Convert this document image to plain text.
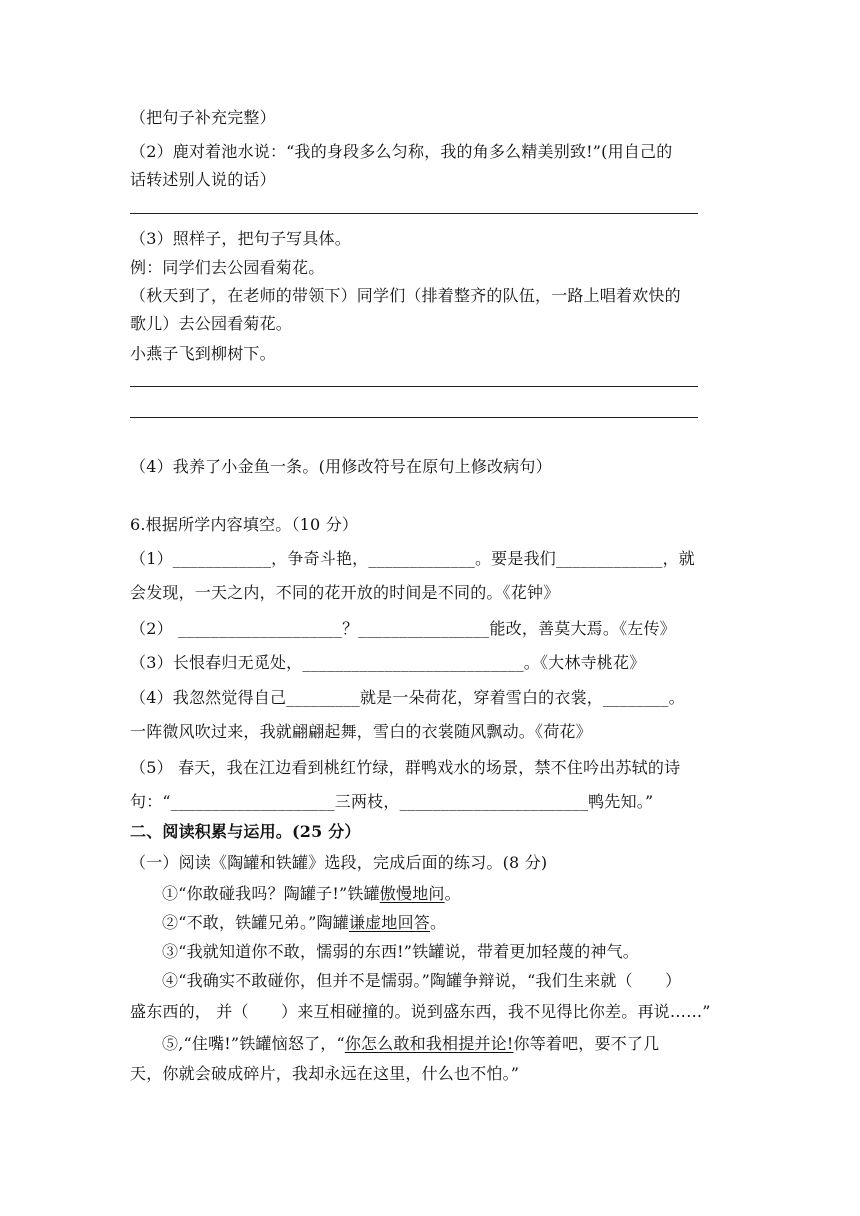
（把句子补充完整）
（2）鹿对着池水说：“我的身段多么匀称，我的角多么精美别致!”(用自己的
话转述别人说的话）
（3）照样子，把句子写具体。
例：同学们去公园看菊花。
（秋天到了，在老师的带领下）同学们（排着整齐的队伍，一路上唱着欢快的
歌儿）去公园看菊花。
小燕子飞到柳树下。
（4）我养了小金鱼一条。(用修改符号在原句上修改病句）
6.根据所学内容填空。（10 分）
（1）____________，争奇斗艳，_____________。要是我们_____________，就
会发现，一天之内，不同的花开放的时间是不同的。《花钟》
（2） ____________________？________________能改，善莫大焉。《左传》
（3）长恨春归无觅处，___________________________。《大林寺桃花》
（4）我忽然觉得自己_________就是一朵荷花，穿着雪白的衣裳，________。
一阵微风吹过来，我就翩翩起舞，雪白的衣裳随风飘动。《荷花》
（5） 春天，我在江边看到桃红竹绿，群鸭戏水的场景，禁不住吟出苏轼的诗
句：“____________________三两枝，_______________________鸭先知。”
二、阅读积累与运用。(25 分）
（一）阅读《陶罐和铁罐》选段，完成后面的练习。(8 分)
①“你敢碰我吗？陶罐子!”铁罐傲慢地问。
②“不敢，铁罐兄弟。”陶罐谦虚地回答。
③“我就知道你不敢，懦弱的东西!”铁罐说，带着更加轻蔑的神气。
④“我确实不敢碰你，但并不是懦弱。”陶罐争辩说，“我们生来就（　　）
盛东西的， 并（　　）来互相碰撞的。说到盛东西，我不见得比你差。再说……”
⑤,“住嘴!”铁罐恼怒了，“你怎么敢和我相提并论!你等着吧，要不了几
天，你就会破成碎片，我却永远在这里，什么也不怕。”
